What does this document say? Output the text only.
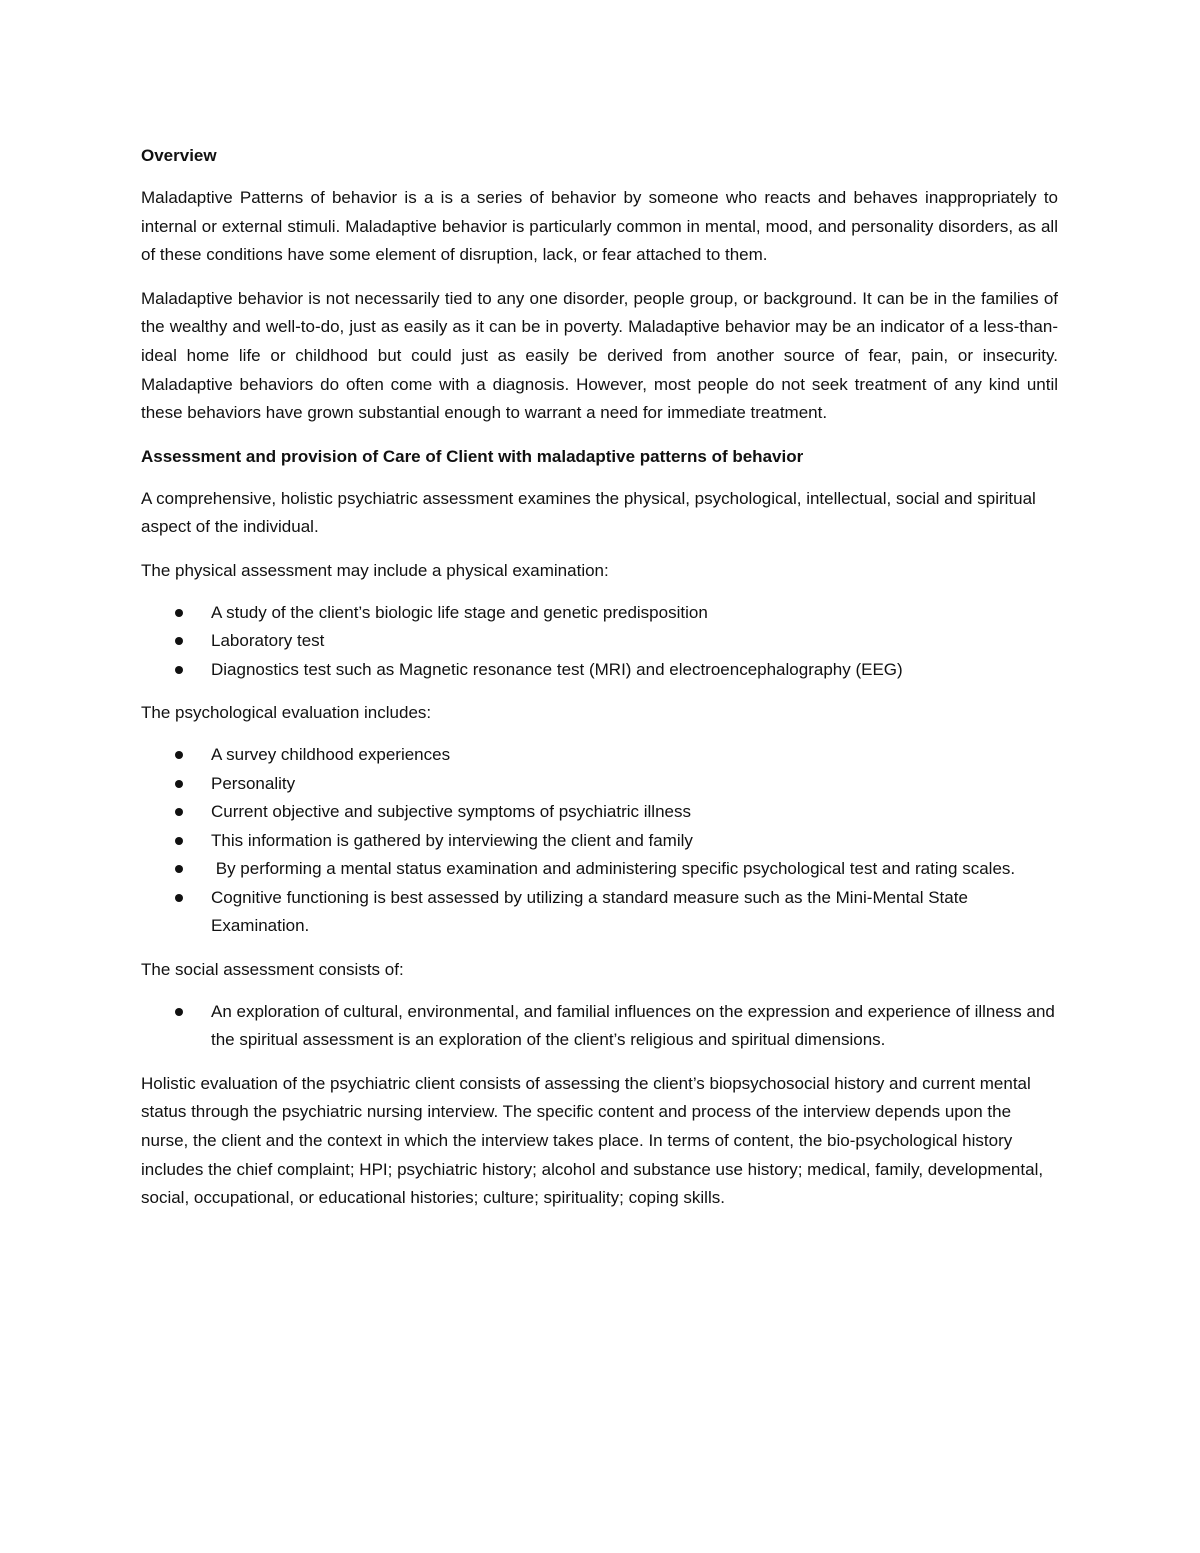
Overview

Maladaptive Patterns of behavior is a is a series of behavior by someone who reacts and behaves inappropriately to internal or external stimuli. Maladaptive behavior is particularly common in mental, mood, and personality disorders, as all of these conditions have some element of disruption, lack, or fear attached to them.

Maladaptive behavior is not necessarily tied to any one disorder, people group, or background. It can be in the families of the wealthy and well-to-do, just as easily as it can be in poverty. Maladaptive behavior may be an indicator of a less-than-ideal home life or childhood but could just as easily be derived from another source of fear, pain, or insecurity. Maladaptive behaviors do often come with a diagnosis. However, most people do not seek treatment of any kind until these behaviors have grown substantial enough to warrant a need for immediate treatment.

Assessment and provision of Care of Client with maladaptive patterns of behavior

A comprehensive, holistic psychiatric assessment examines the physical, psychological, intellectual, social and spiritual aspect of the individual.

The physical assessment may include a physical examination:

A study of the client’s biologic life stage and genetic predisposition
Laboratory test
Diagnostics test such as Magnetic resonance test (MRI) and electroencephalography (EEG)

The psychological evaluation includes:

A survey childhood experiences
Personality
Current objective and subjective symptoms of psychiatric illness
This information is gathered by interviewing the client and family
By performing a mental status examination and administering specific psychological test and rating scales.
Cognitive functioning is best assessed by utilizing a standard measure such as the Mini-Mental State Examination.

The social assessment consists of:

An exploration of cultural, environmental, and familial influences on the expression and experience of illness and the spiritual assessment is an exploration of the client’s religious and spiritual dimensions.

Holistic evaluation of the psychiatric client consists of assessing the client’s biopsychosocial history and current mental status through the psychiatric nursing interview. The specific content and process of the interview depends upon the nurse, the client and the context in which the interview takes place. In terms of content, the bio-psychological history includes the chief complaint; HPI; psychiatric history; alcohol and substance use history; medical, family, developmental, social, occupational, or educational histories; culture; spirituality; coping skills.
